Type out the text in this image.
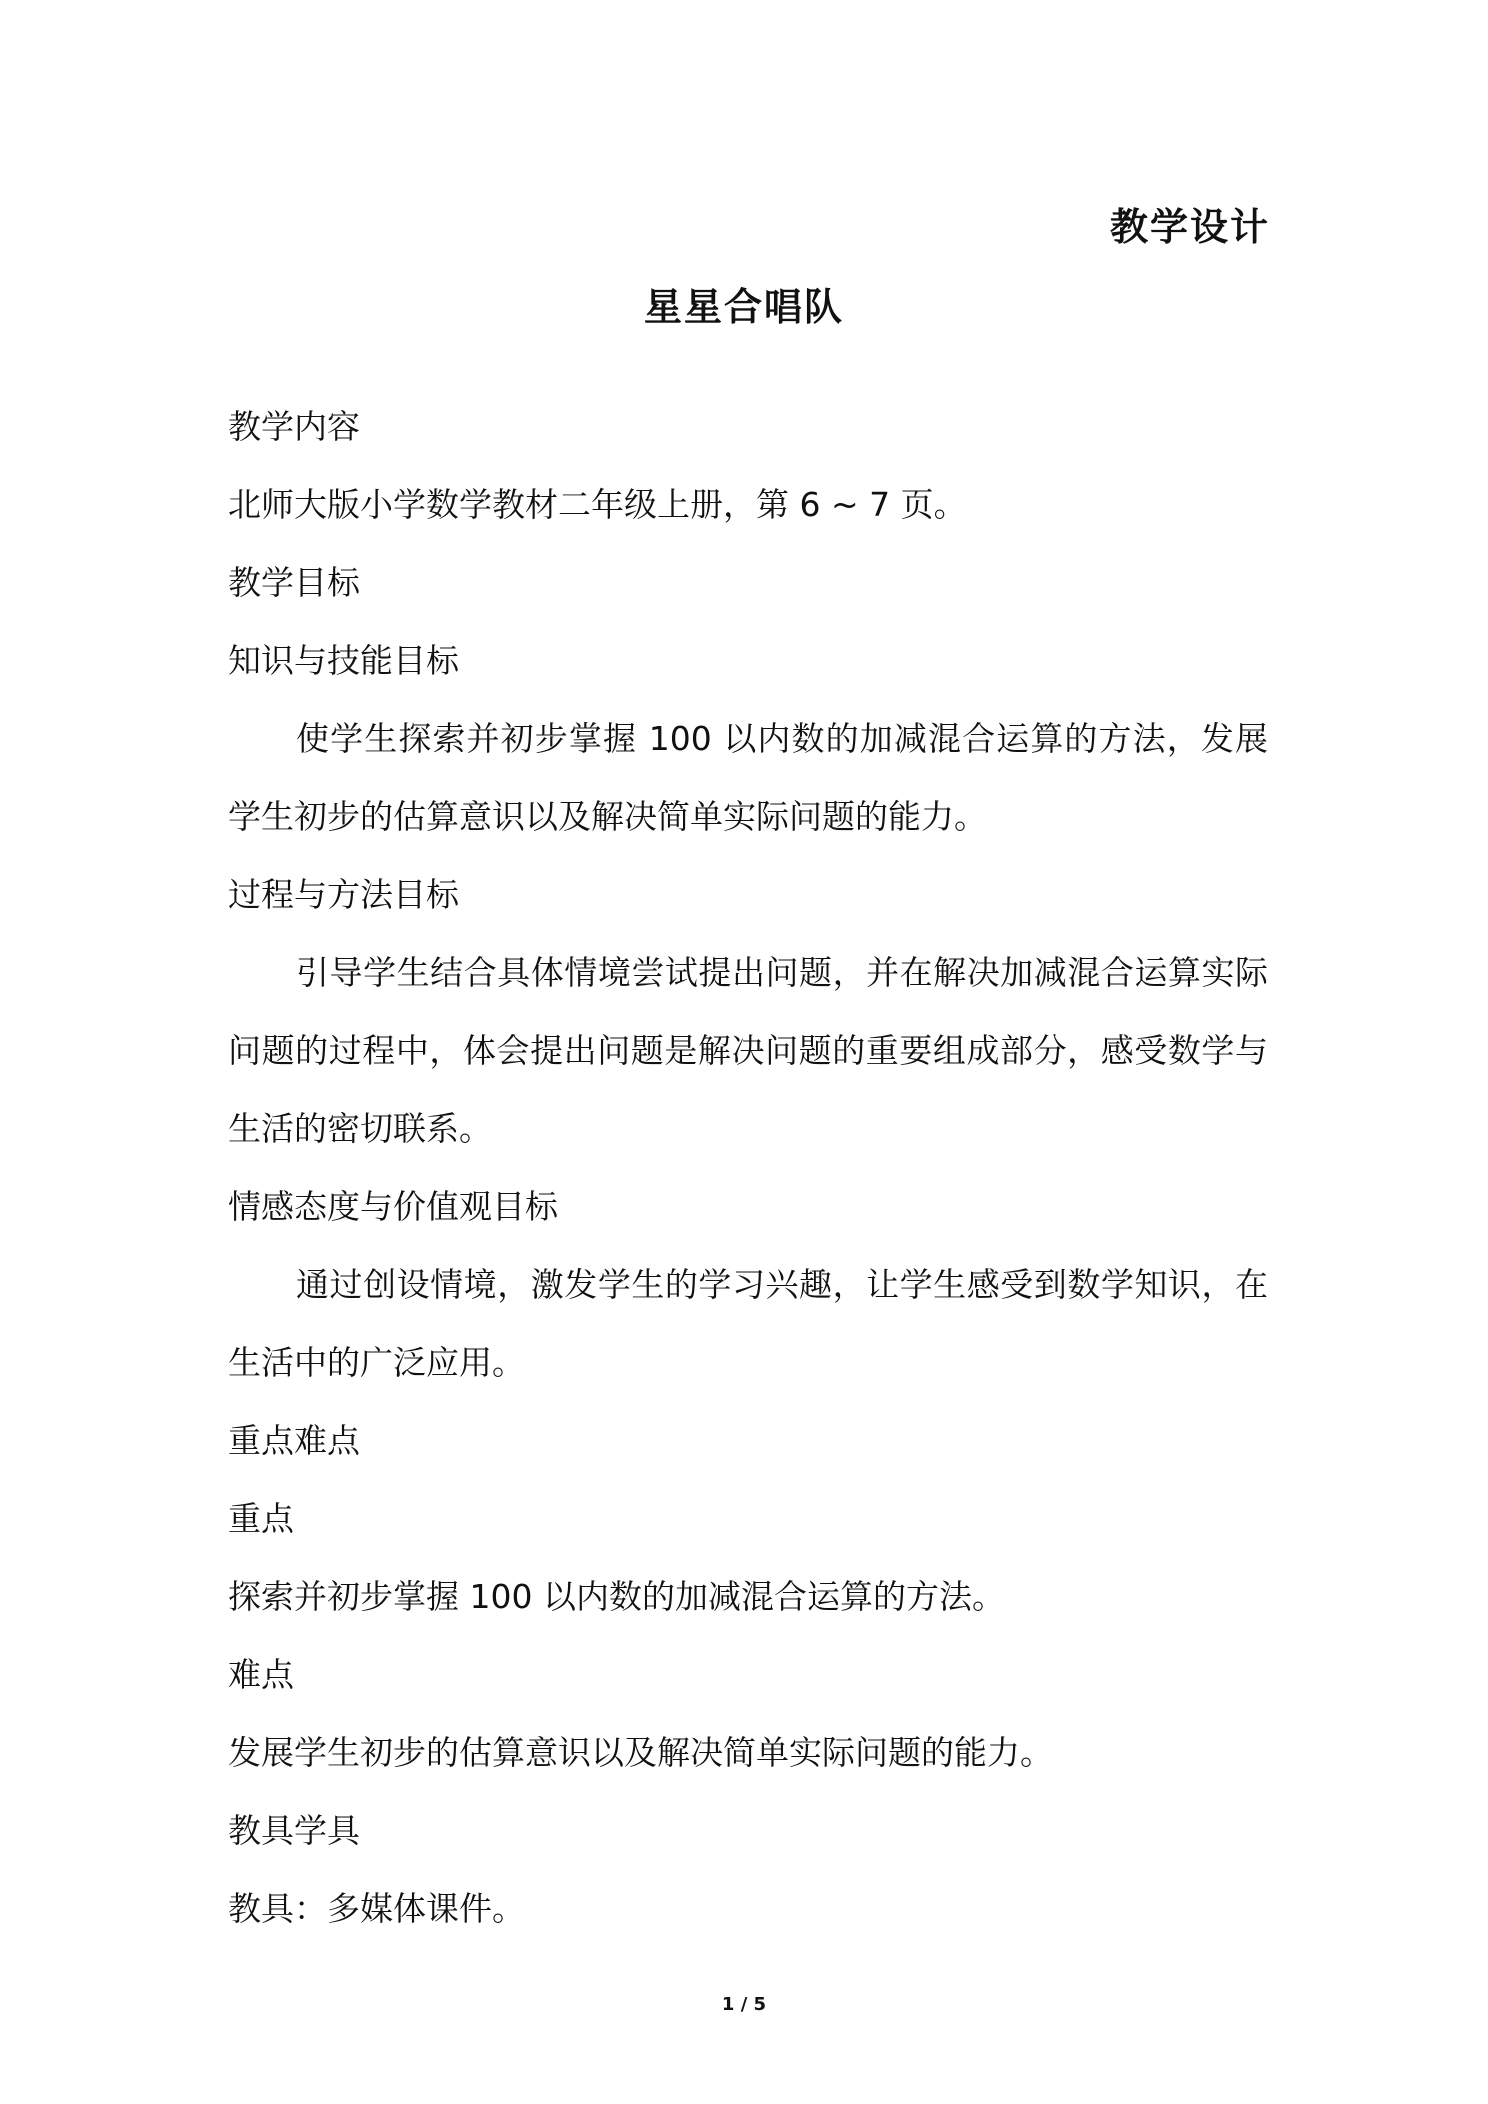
教学设计
星星合唱队

教学内容

北师大版小学数学教材二年级上册，第 6 ~ 7 页。

教学目标

知识与技能目标

使学生探索并初步掌握 100 以内数的加减混合运算的方法，发展学生初步的估算意识以及解决简单实际问题的能力。

过程与方法目标

引导学生结合具体情境尝试提出问题，并在解决加减混合运算实际问题的过程中，体会提出问题是解决问题的重要组成部分，感受数学与生活的密切联系。

情感态度与价值观目标

通过创设情境，激发学生的学习兴趣，让学生感受到数学知识，在生活中的广泛应用。

重点难点

重点

探索并初步掌握 100 以内数的加减混合运算的方法。

难点

发展学生初步的估算意识以及解决简单实际问题的能力。

教具学具

教具：多媒体课件。

1 / 5
